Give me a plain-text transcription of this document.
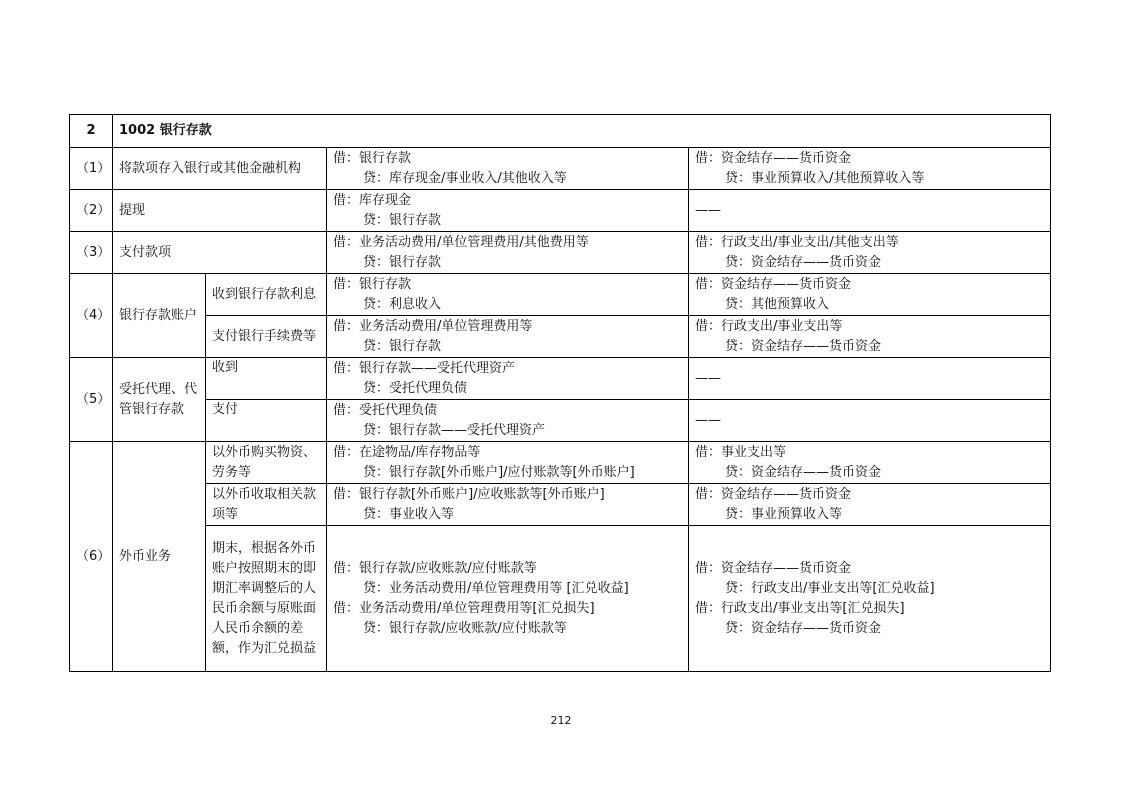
2	1002 银行存款			
（1）	将款项存入银行或其他金融机构		借：银行存款
贷：库存现金/事业收入/其他收入等	借：资金结存——货币资金
贷：事业预算收入/其他预算收入等

（2）	提现		借：库存现金
贷：银行存款	——

（3）	支付款项		借：业务活动费用/单位管理费用/其他费用等
贷：银行存款	借：行政支出/事业支出/其他支出等
贷：资金结存——货币资金

（4）	银行存款账户	收到银行存款利息	借：银行存款
贷：利息收入	借：资金结存——货币资金
贷：其他预算收入

		支付银行手续费等	借：业务活动费用/单位管理费用等
贷：银行存款	借：行政支出/事业支出等
贷：资金结存——货币资金

（5）	受托代理、代管银行存款	收到	借：银行存款——受托代理资产
贷：受托代理负债	——

		支付	借：受托代理负债
贷：银行存款——受托代理资产	——

（6）	外币业务	以外币购买物资、劳务等	借：在途物品/库存物品等
贷：银行存款[外币账户]/应付账款等[外币账户]	借：事业支出等
贷：资金结存——货币资金

		以外币收取相关款项等	借：银行存款[外币账户]/应收账款等[外币账户]
贷：事业收入等	借：资金结存——货币资金
贷：事业预算收入等

		期末，根据各外币账户按照期末的即期汇率调整后的人民币余额与原账面人民币余额的差额，作为汇兑损益	借：银行存款/应收账款/应付账款等
贷：业务活动费用/单位管理费用等 [汇兑收益]
借：业务活动费用/单位管理费用等[汇兑损失]
贷：银行存款/应收账款/应付账款等	借：资金结存——货币资金
贷：行政支出/事业支出等[汇兑收益]
借：行政支出/事业支出等[汇兑损失]
贷：资金结存——货币资金
212
